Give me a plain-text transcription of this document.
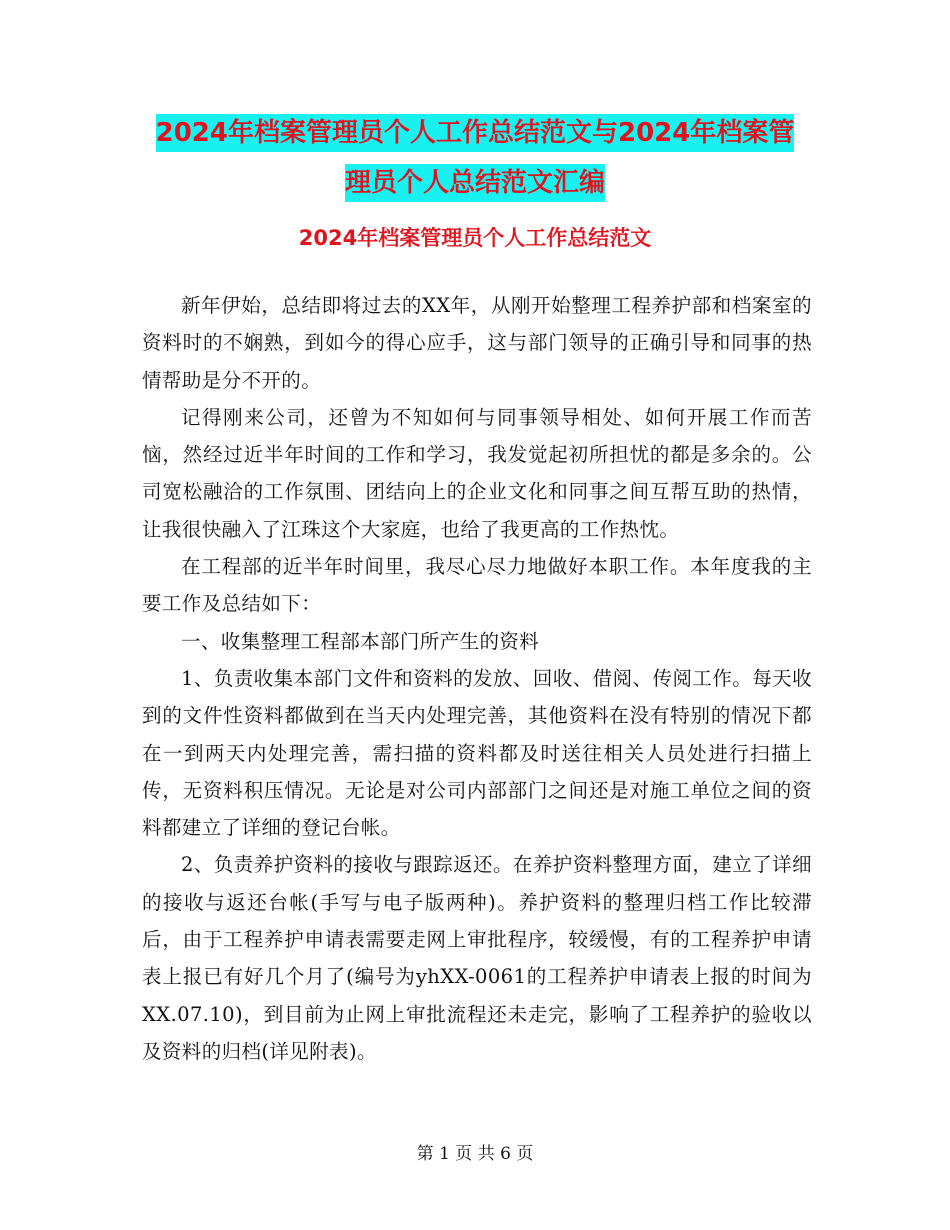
2024年档案管理员个人工作总结范文与2024年档案管
理员个人总结范文汇编
2024年档案管理员个人工作总结范文

新年伊始，总结即将过去的XX年，从刚开始整理工程养护部和档案室的资料时的不娴熟，到如今的得心应手，这与部门领导的正确引导和同事的热情帮助是分不开的。

记得刚来公司，还曾为不知如何与同事领导相处、如何开展工作而苦恼，然经过近半年时间的工作和学习，我发觉起初所担忧的都是多余的。公司宽松融洽的工作氛围、团结向上的企业文化和同事之间互帮互助的热情，让我很快融入了江珠这个大家庭，也给了我更高的工作热忱。

在工程部的近半年时间里，我尽心尽力地做好本职工作。本年度我的主要工作及总结如下：

一、收集整理工程部本部门所产生的资料

1、负责收集本部门文件和资料的发放、回收、借阅、传阅工作。每天收到的文件性资料都做到在当天内处理完善，其他资料在没有特别的情况下都在一到两天内处理完善，需扫描的资料都及时送往相关人员处进行扫描上传，无资料积压情况。无论是对公司内部部门之间还是对施工单位之间的资料都建立了详细的登记台帐。

2、负责养护资料的接收与跟踪返还。在养护资料整理方面，建立了详细的接收与返还台帐(手写与电子版两种)。养护资料的整理归档工作比较滞后，由于工程养护申请表需要走网上审批程序，较缓慢，有的工程养护申请表上报已有好几个月了(编号为yhXX-0061的工程养护申请表上报的时间为XX.07.10)，到目前为止网上审批流程还未走完，影响了工程养护的验收以及资料的归档(详见附表)。

第 1 页 共 6 页
